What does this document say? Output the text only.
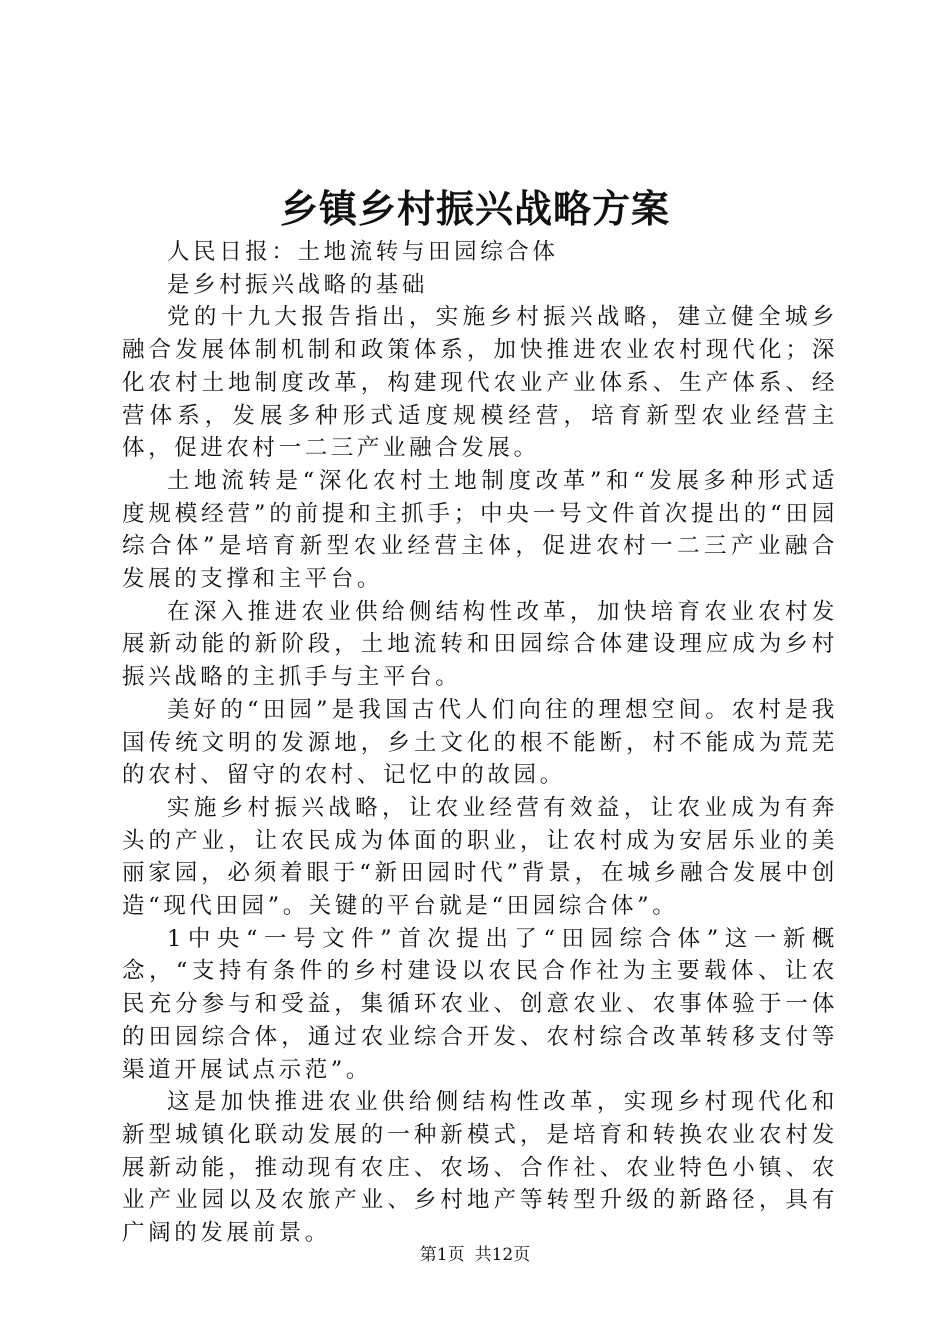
乡镇乡村振兴战略方案

人民日报：土地流转与田园综合体

是乡村振兴战略的基础

党的十九大报告指出，实施乡村振兴战略，建立健全城乡融合发展体制机制和政策体系，加快推进农业农村现代化；深化农村土地制度改革，构建现代农业产业体系、生产体系、经营体系，发展多种形式适度规模经营，培育新型农业经营主体，促进农村一二三产业融合发展。

土地流转是“深化农村土地制度改革”和“发展多种形式适度规模经营”的前提和主抓手；中央一号文件首次提出的“田园综合体”是培育新型农业经营主体，促进农村一二三产业融合发展的支撑和主平台。

在深入推进农业供给侧结构性改革，加快培育农业农村发展新动能的新阶段，土地流转和田园综合体建设理应成为乡村振兴战略的主抓手与主平台。

美好的“田园”是我国古代人们向往的理想空间。农村是我国传统文明的发源地，乡土文化的根不能断，村不能成为荒芜的农村、留守的农村、记忆中的故园。

实施乡村振兴战略，让农业经营有效益，让农业成为有奔头的产业，让农民成为体面的职业，让农村成为安居乐业的美丽家园，必须着眼于“新田园时代”背景，在城乡融合发展中创造“现代田园”。关键的平台就是“田园综合体”。

1中央“一号文件”首次提出了“田园综合体”这一新概念，“支持有条件的乡村建设以农民合作社为主要载体、让农民充分参与和受益，集循环农业、创意农业、农事体验于一体的田园综合体，通过农业综合开发、农村综合改革转移支付等渠道开展试点示范”。

这是加快推进农业供给侧结构性改革，实现乡村现代化和新型城镇化联动发展的一种新模式，是培育和转换农业农村发展新动能，推动现有农庄、农场、合作社、农业特色小镇、农业产业园以及农旅产业、乡村地产等转型升级的新路径，具有广阔的发展前景。

第1页 共12页
